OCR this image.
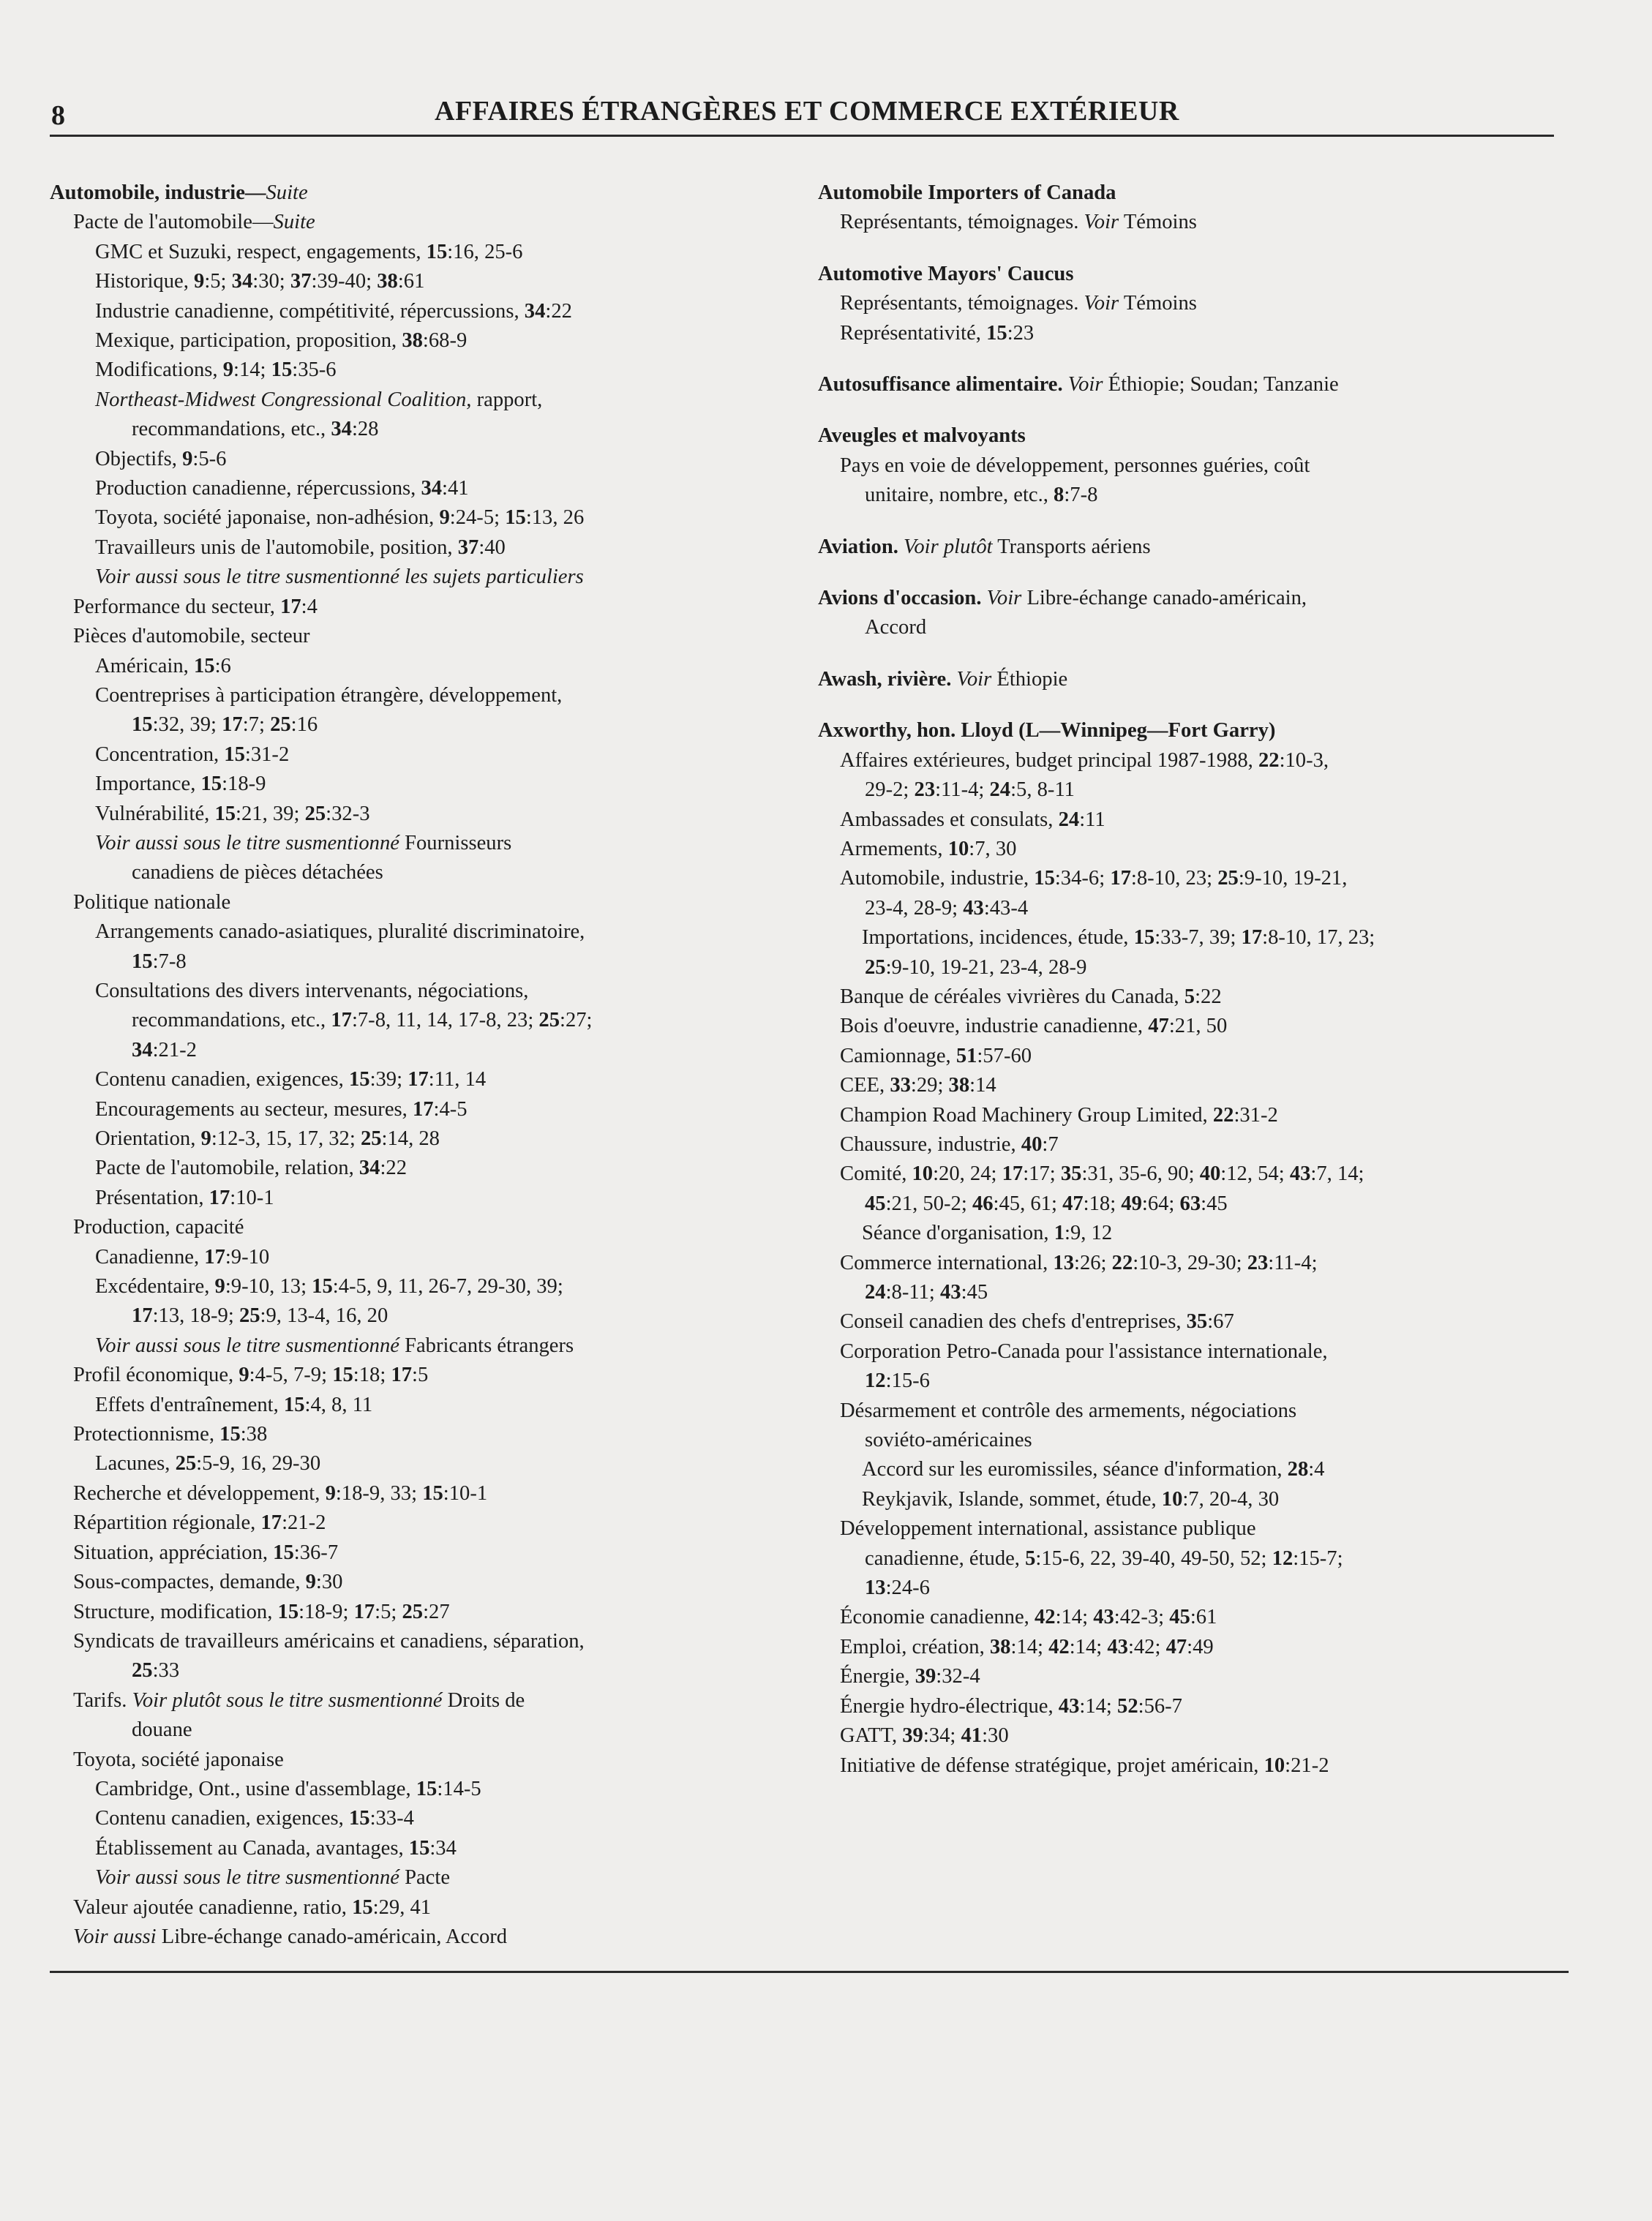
8	AFFAIRES ÉTRANGÈRES ET COMMERCE EXTÉRIEUR
Automobile, industrie—Suite
Pacte de l'automobile—Suite
GMC et Suzuki, respect, engagements, 15:16, 25-6
Historique, 9:5; 34:30; 37:39-40; 38:61
Industrie canadienne, compétitivité, répercussions, 34:22
Mexique, participation, proposition, 38:68-9
Modifications, 9:14; 15:35-6
Northeast-Midwest Congressional Coalition, rapport,
recommandations, etc., 34:28
Objectifs, 9:5-6
Production canadienne, répercussions, 34:41
Toyota, société japonaise, non-adhésion, 9:24-5; 15:13, 26
Travailleurs unis de l'automobile, position, 37:40
Voir aussi sous le titre susmentionné les sujets particuliers
Performance du secteur, 17:4
Pièces d'automobile, secteur
Américain, 15:6
Coentreprises à participation étrangère, développement,
15:32, 39; 17:7; 25:16
Concentration, 15:31-2
Importance, 15:18-9
Vulnérabilité, 15:21, 39; 25:32-3
Voir aussi sous le titre susmentionné Fournisseurs
canadiens de pièces détachées
Politique nationale
Arrangements canado-asiatiques, pluralité discriminatoire,
15:7-8
Consultations des divers intervenants, négociations,
recommandations, etc., 17:7-8, 11, 14, 17-8, 23; 25:27;
34:21-2
Contenu canadien, exigences, 15:39; 17:11, 14
Encouragements au secteur, mesures, 17:4-5
Orientation, 9:12-3, 15, 17, 32; 25:14, 28
Pacte de l'automobile, relation, 34:22
Présentation, 17:10-1
Production, capacité
Canadienne, 17:9-10
Excédentaire, 9:9-10, 13; 15:4-5, 9, 11, 26-7, 29-30, 39;
17:13, 18-9; 25:9, 13-4, 16, 20
Voir aussi sous le titre susmentionné Fabricants étrangers
Profil économique, 9:4-5, 7-9; 15:18; 17:5
Effets d'entraînement, 15:4, 8, 11
Protectionnisme, 15:38
Lacunes, 25:5-9, 16, 29-30
Recherche et développement, 9:18-9, 33; 15:10-1
Répartition régionale, 17:21-2
Situation, appréciation, 15:36-7
Sous-compactes, demande, 9:30
Structure, modification, 15:18-9; 17:5; 25:27
Syndicats de travailleurs américains et canadiens, séparation,
25:33
Tarifs. Voir plutôt sous le titre susmentionné Droits de
douane
Toyota, société japonaise
Cambridge, Ont., usine d'assemblage, 15:14-5
Contenu canadien, exigences, 15:33-4
Établissement au Canada, avantages, 15:34
Voir aussi sous le titre susmentionné Pacte
Valeur ajoutée canadienne, ratio, 15:29, 41
Voir aussi Libre-échange canado-américain, Accord
Automobile Importers of Canada
Représentants, témoignages. Voir Témoins
Automotive Mayors' Caucus
Représentants, témoignages. Voir Témoins
Représentativité, 15:23
Autosuffisance alimentaire. Voir Éthiopie; Soudan; Tanzanie
Aveugles et malvoyants
Pays en voie de développement, personnes guéries, coût
unitaire, nombre, etc., 8:7-8
Aviation. Voir plutôt Transports aériens
Avions d'occasion. Voir Libre-échange canado-américain,
Accord
Awash, rivière. Voir Éthiopie
Axworthy, hon. Lloyd (L—Winnipeg—Fort Garry)
Affaires extérieures, budget principal 1987-1988, 22:10-3,
29-2; 23:11-4; 24:5, 8-11
Ambassades et consulats, 24:11
Armements, 10:7, 30
Automobile, industrie, 15:34-6; 17:8-10, 23; 25:9-10, 19-21,
23-4, 28-9; 43:43-4
Importations, incidences, étude, 15:33-7, 39; 17:8-10, 17, 23;
25:9-10, 19-21, 23-4, 28-9
Banque de céréales vivrières du Canada, 5:22
Bois d'oeuvre, industrie canadienne, 47:21, 50
Camionnage, 51:57-60
CEE, 33:29; 38:14
Champion Road Machinery Group Limited, 22:31-2
Chaussure, industrie, 40:7
Comité, 10:20, 24; 17:17; 35:31, 35-6, 90; 40:12, 54; 43:7, 14;
45:21, 50-2; 46:45, 61; 47:18; 49:64; 63:45
Séance d'organisation, 1:9, 12
Commerce international, 13:26; 22:10-3, 29-30; 23:11-4;
24:8-11; 43:45
Conseil canadien des chefs d'entreprises, 35:67
Corporation Petro-Canada pour l'assistance internationale,
12:15-6
Désarmement et contrôle des armements, négociations
soviéto-américaines
Accord sur les euromissiles, séance d'information, 28:4
Reykjavik, Islande, sommet, étude, 10:7, 20-4, 30
Développement international, assistance publique
canadienne, étude, 5:15-6, 22, 39-40, 49-50, 52; 12:15-7;
13:24-6
Économie canadienne, 42:14; 43:42-3; 45:61
Emploi, création, 38:14; 42:14; 43:42; 47:49
Énergie, 39:32-4
Énergie hydro-électrique, 43:14; 52:56-7
GATT, 39:34; 41:30
Initiative de défense stratégique, projet américain, 10:21-2
